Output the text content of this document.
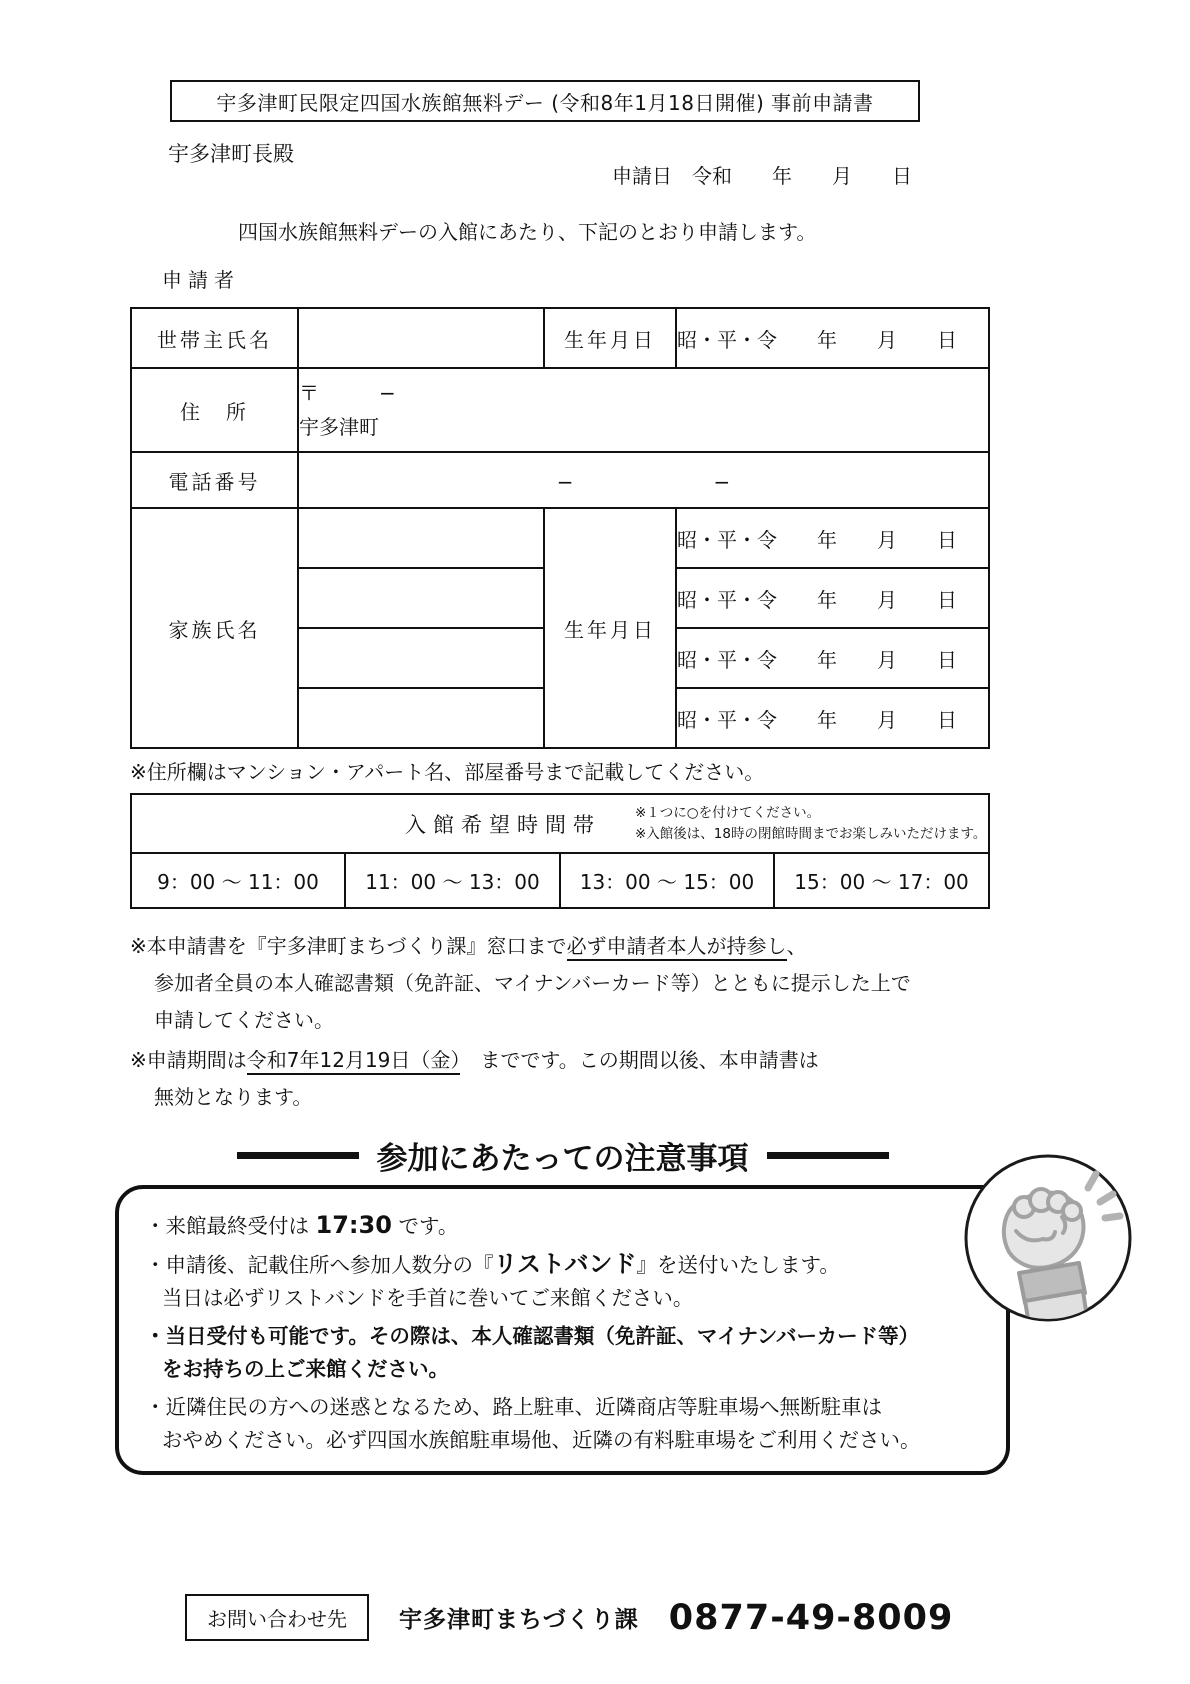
宇多津町民限定四国水族館無料デー (令和8年1月18日開催) 事前申請書
宇多津町長殿
申請日　令和　　年　　月　　日
四国水族館無料デーの入館にあたり、下記のとおり申請します。
申請者
世帯主氏名		生年月日	昭・平・令　　年　　月　　日
住　所	〒　　　−
宇多津町		

電話番号	−　　　　　　　−		
家族氏名		生年月日	昭・平・令　　年　　月　　日
			昭・平・令　　年　　月　　日
			昭・平・令　　年　　月　　日
			昭・平・令　　年　　月　　日
※住所欄はマンション・アパート名、部屋番号まで記載してください。
入館希望時間帯	※１つに○を付けてください。
※入館後は、18時の閉館時間までお楽しみいただけます。

9：00 ～ 11：00	11：00 ～ 13：00	13：00 ～ 15：00	15：00 ～ 17：00
※本申請書を『宇多津町まちづくり課』窓口まで必ず申請者本人が持参し、
参加者全員の本人確認書類（免許証、マイナンバーカード等）とともに提示した上で
申請してください。
※申請期間は令和7年12月19日（金）　までです。この期間以後、本申請書は
無効となります。
参加にあたっての注意事項
・来館最終受付は 17:30 です。
・申請後、記載住所へ参加人数分の『リストバンド』を送付いたします。
当日は必ずリストバンドを手首に巻いてご来館ください。
・当日受付も可能です。その際は、本人確認書類（免許証、マイナンバーカード等）
をお持ちの上ご来館ください。
・近隣住民の方への迷惑となるため、路上駐車、近隣商店等駐車場へ無断駐車は
おやめください。必ず四国水族館駐車場他、近隣の有料駐車場をご利用ください。
お問い合わせ先	宇多津町まちづくり課 0877-49-8009
